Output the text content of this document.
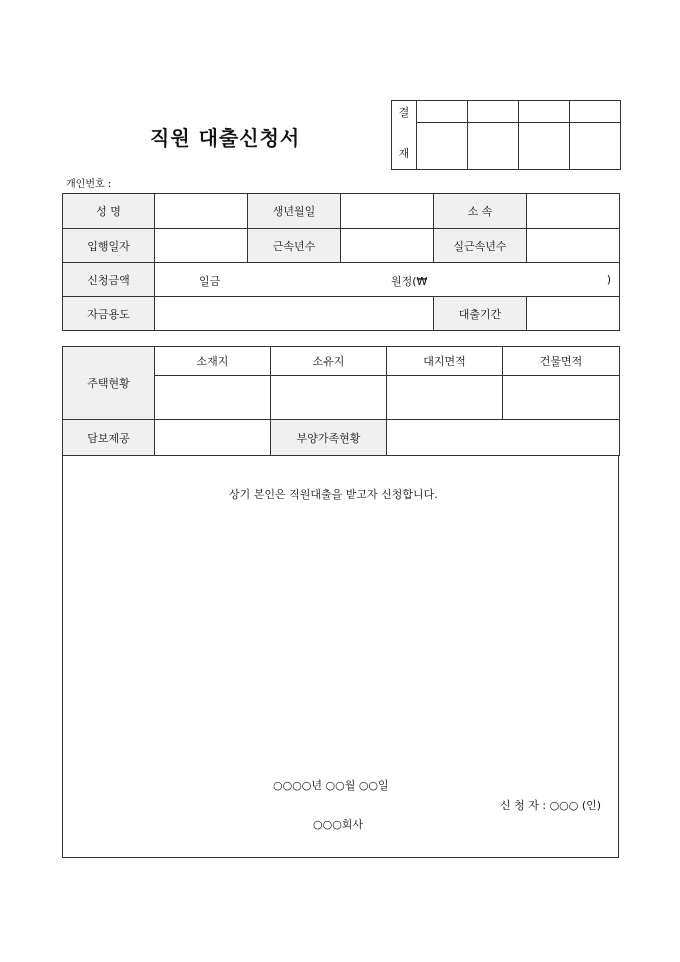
직원 대출신청서
결				
재				
개인번호 :
성 명		생년월일		소 속	
입행일자		근속년수		실근속년수	
신청금액	일금 원정(₩ )				

자금용도				대출기간	
주택현황	소재지	소유지	대지면적	건물면적

담보제공		부양가족현황		
상기 본인은 직원대출을 받고자 신청합니다.
○○○○년 ○○월 ○○일
신 청 자 : ○○○ (인)
○○○회사
